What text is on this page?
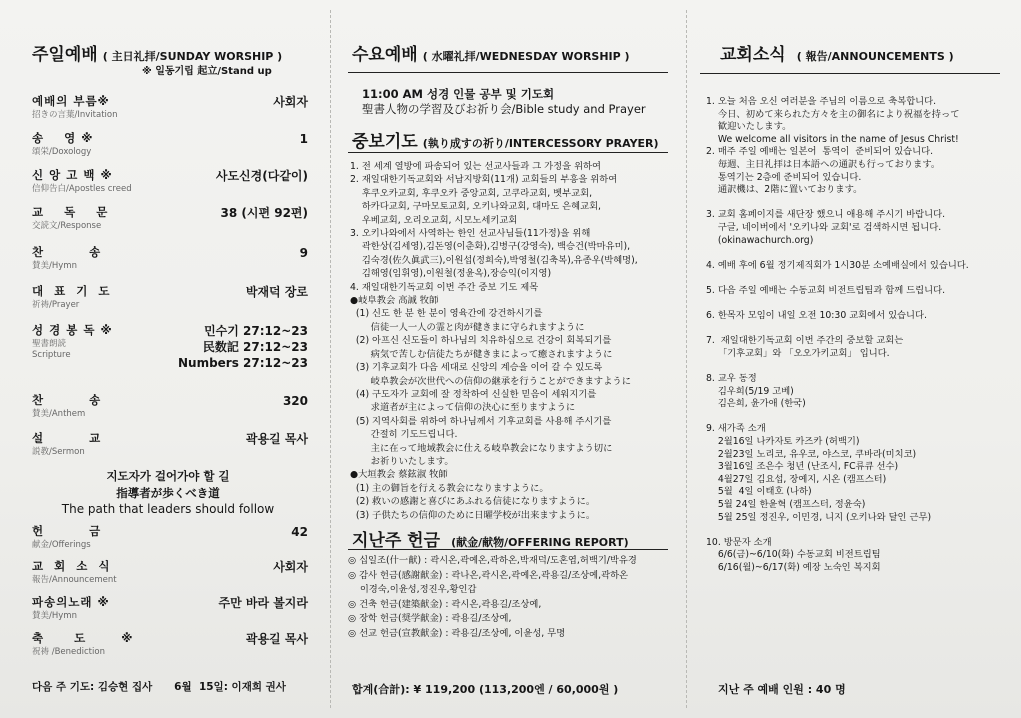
주일예배 ( 主日礼拝/SUNDAY WORSHIP )
※ 일동기립 起立/Stand up
예배의 부름※
招きの言葉/Invitation
사회자
송    영 ※
頌栄/Doxology
1
신 앙 고 백 ※
信仰告白/Apostles creed
사도신경(다같이)
교    독    문
交読文/Response
38 (시편 92편)
찬         송
賛美/Hymn
9
대  표  기  도
祈祷/Prayer
박재덕 장로
성 경 봉 독 ※
聖書朗読
Scripture
민수기 27:12~23
民数記 27:12~23
Numbers 27:12~23
찬         송
賛美/Anthem
320
설         교
説教/Sermon
곽용길 목사
지도자가 걸어가야 할 길
指導者が歩くべき道
The path that leaders should follow
헌         금
献金/Offerings
42
교  회  소  식
報告/Announcement
사회자
파송의노래 ※
賛美/Hymn
주만 바라 볼지라
축      도       ※
祝祷 /Benediction
곽용길 목사
다음 주 기도: 김승현 집사      6월  15일: 이재희 권사
수요예배 ( 水曜礼拝/WEDNESDAY WORSHIP )
11:00 AM 성경 인물 공부 및 기도회
聖書人物の学習及びお祈り会/Bible study and Prayer
중보기도 (執り成すの祈り/INTERCESSORY PRAYER)
1. 전 세계 열방에 파송되어 있는 선교사들과 그 가정을 위하여
2. 재일대한기독교회와 서남지방회(11개) 교회들의 부흥을 위하여
후쿠오카교회, 후쿠오카 중앙교회, 고쿠라교회, 벳부교회,
하카다교회, 구마모토교회, 오키나와교회, 대마도 은혜교회,
우베교회, 오리오교회, 시모노세키교회
3. 오키나와에서 사역하는 한인 선교사님들(11가정)을 위해
곽한상(김세영),김돈영(이춘화),김병구(강영숙), 백승건(박마유미),
김숙경(佐久眞武三),이원섭(정희숙),박영철(김축복),유종우(박혜명),
김해영(임휘영),이원철(정윤옥),장승익(이지영)
4. 재일대한기독교회 이번 주간 중보 기도 제목
●岐阜教会 高誠 牧師
(1) 신도 한 분 한 분이 영육간에 강건하시기를
信徒一人一人の霊と肉が健きまに守られますように
(2) 아프신 신도들이 하나님의 치유하심으로 건강이 회복되기를
病気で苦しむ信徒たちが健きまによって癒されますように
(3) 기후교회가 다음 세대로 신앙의 계승을 이어 갈 수 있도록
岐阜教会が次世代への信仰の継承を行うことができますように
(4) 구도자가 교회에 잘 정착하여 신실한 믿음이 세워지기를
求道者が主によって信仰の決心に至りますように
(5) 지역사회를 위하여 하나님께서 기후교회를 사용해 주시기를
간절히 기도드립니다.
主に在って地域教会に仕える岐阜教会になりますよう切に
お祈りいたします。
●大垣教会 蔡鉉淑 牧師
(1) 主の御旨を行える教会になりますように。
(2) 救いの感謝と喜びにあふれる信徒になりますように。
(3) 子供たちの信仰のために日曜学校が出来ますように。
지난주 헌금 (献金/献物/OFFERING REPORT)
◎ 십일조(什一献) : 곽시온,곽예온,곽하온,박재덕/도혼엽,허백기/박유경
◎ 감사 헌금(感謝献金) : 곽나온,곽시온,곽예온,곽용길/조상예,곽하온
이경숙,이윤성,정진우,황인갑
◎ 건축 헌금(建築献金) : 곽시온,곽용길/조상예,
◎ 장학 헌금(奨学献金) : 곽용길/조상예,
◎ 선교 헌금(宣教献金) : 곽용길/조상예, 이윤성, 무명
합계(合計): ¥ 119,200 (113,200엔 / 60,000원 )
교회소식 ( 報告/ANNOUNCEMENTS )
1. 오늘 처음 오신 여러분을 주님의 이름으로 축복합니다.
今日、初めて来られた方々を主の御名により祝福を持って
歓迎いたします。
We welcome all visitors in the name of Jesus Christ!
2. 매주 주일 예배는 일본어  통역이  준비되어 있습니다.
毎週、主日礼拝は日本語への通訳も行っております。
통역기는 2층에 준비되어 있습니다.
通訳機は、2階に置いております。

3. 교회 홈페이지를 새단장 했으니 애용해 주시기 바랍니다.
구글, 네이버에서 '오키나와 교회'로 검색하시면 됩니다.
(okinawachurch.org)

4. 예배 후에 6월 정기제직회가 1시30분 소예배실에서 있습니다.

5. 다음 주일 예배는 수동교회 비전트립팀과 함께 드립니다.

6. 한목자 모임이 내일 오전 10:30 교회에서 있습니다.

7.  재일대한기독교회 이번 주간의 중보할 교회는
「기후교회」와 「오오가키교회」 입니다.

8. 교우 동정
김우희(5/19 고베)
김은희, 윤가애 (한국)

9. 새가족 소개
2월16일 나카자토 카즈카 (허백기)
2월23일 노리코, 유우코, 야스코, 쿠바라(미치코)
3월16일 조은수 청년 (난조시, FC류큐 선수)
4월27일 김요섭, 장예지, 시온 (캠프스터)
5월  4일 이태호 (나하)
5월 24일 한윤혁 (캠프스터, 정윤숙)
5월 25일 정진우, 이민경, 니지 (오키나와 달인 근무)

10. 방문자 소개
6/6(금)~6/10(화) 수동교회 비전트립팀
6/16(월)~6/17(화) 예장 노숙인 복지회
지난 주 예배 인원 : 40 명
